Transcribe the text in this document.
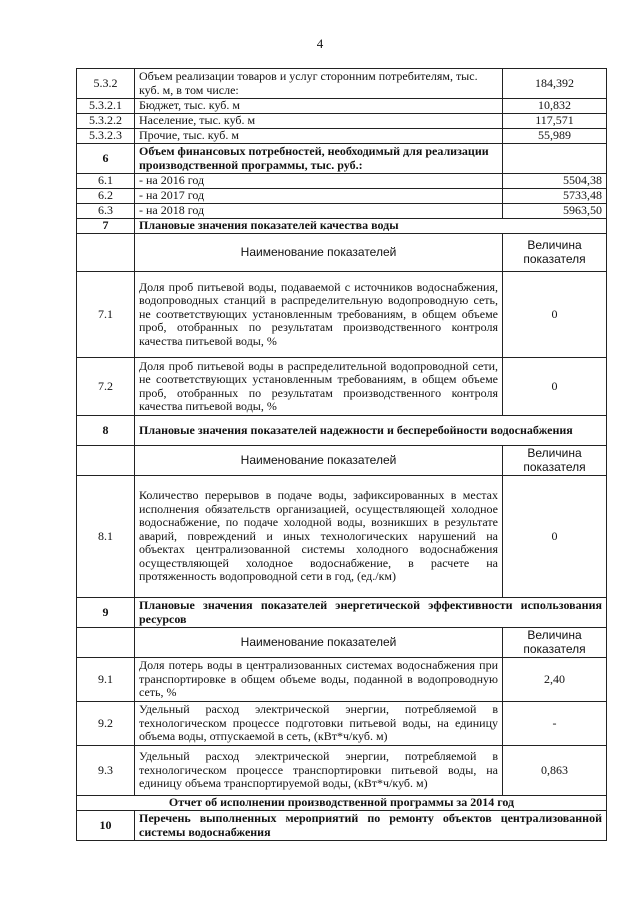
4
5.3.2	Объем реализации товаров и услуг сторонним потребителям, тыс. куб. м, в том числе:	184,392
5.3.2.1	Бюджет, тыс. куб. м	10,832
5.3.2.2	Население, тыс. куб. м	117,571
5.3.2.3	Прочие, тыс. куб. м	55,989
6	Объем финансовых потребностей, необходимый для реализации производственной программы, тыс. руб.:	
6.1	- на 2016 год	5504,38
6.2	- на 2017 год	5733,48
6.3	- на 2018 год	5963,50
7	Плановые значения показателей качества воды	
	Наименование показателей	Величина показателя
7.1	Доля проб питьевой воды, подаваемой с источников водоснабжения, водопроводных станций в распределительную водопроводную сеть, не соответствующих установленным требованиям, в общем объеме проб, отобранных по результатам производственного контроля качества питьевой воды, %	0
7.2	Доля проб питьевой воды в распределительной водопроводной сети, не соответствующих установленным требованиям, в общем объеме проб, отобранных по результатам производственного контроля качества питьевой воды, %	0
8	Плановые значения показателей надежности и бесперебойности водоснабжения	
	Наименование показателей	Величина показателя
8.1	Количество перерывов в подаче воды, зафиксированных в местах исполнения обязательств организацией, осуществляющей холодное водоснабжение, по подаче холодной воды, возникших в результате аварий, повреждений и иных технологических нарушений на объектах централизованной системы холодного водоснабжения осуществляющей холодное водоснабжение, в расчете на протяженность водопроводной сети в год, (ед./км)	0
9	Плановые значения показателей энергетической эффективности использования ресурсов	
	Наименование показателей	Величина показателя
9.1	Доля потерь воды в централизованных системах водоснабжения при транспортировке в общем объеме воды, поданной в водопроводную сеть, %	2,40
9.2	Удельный расход электрической энергии, потребляемой в технологическом процессе подготовки питьевой воды, на единицу объема воды, отпускаемой в сеть, (кВт*ч/куб. м)	-
9.3	Удельный расход электрической энергии, потребляемой в технологическом процессе транспортировки питьевой воды, на единицу объема транспортируемой воды, (кВт*ч/куб. м)	0,863
Отчет об исполнении производственной программы за 2014 год		
10	Перечень выполненных мероприятий по ремонту объектов централизованной системы водоснабжения	
